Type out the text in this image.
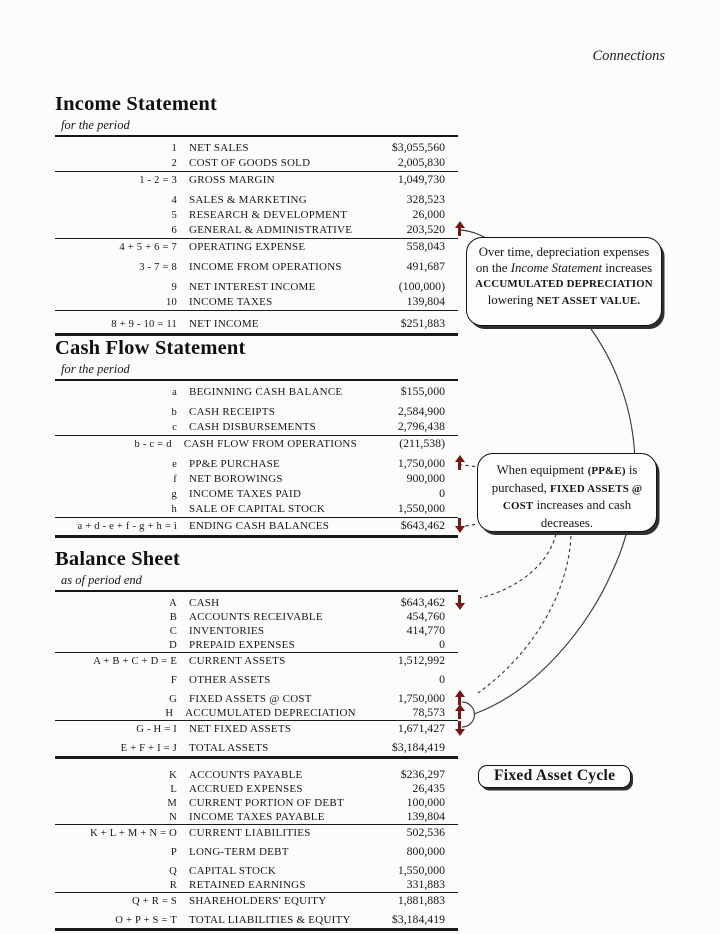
Connections
Income Statement
for the period
1	NET SALES	$3,055,560
2	COST OF GOODS SOLD	2,005,830
1 - 2 = 3	GROSS MARGIN	1,049,730
4	SALES & MARKETING	328,523
5	RESEARCH & DEVELOPMENT	26,000
6	GENERAL & ADMINISTRATIVE	203,520
4 + 5 + 6 = 7	OPERATING EXPENSE	558,043
3 - 7 = 8	INCOME FROM OPERATIONS	491,687
9	NET INTEREST INCOME	(100,000)
10	INCOME TAXES	139,804
8 + 9 - 10 = 11	NET INCOME	$251,883
Cash Flow Statement
for the period
a	BEGINNING CASH BALANCE	$155,000
b	CASH RECEIPTS	2,584,900
c	CASH DISBURSEMENTS	2,796,438
b - c = d	CASH FLOW FROM OPERATIONS	(211,538)
e	PP&E PURCHASE	1,750,000
f	NET BOROWINGS	900,000
g	INCOME TAXES PAID	0
h	SALE OF CAPITAL STOCK	1,550,000
a + d - e + f - g + h = i	ENDING CASH BALANCES	$643,462
Balance Sheet
as of period end
A	CASH	$643,462
B	ACCOUNTS RECEIVABLE	454,760
C	INVENTORIES	414,770
D	PREPAID EXPENSES	0
A + B + C + D = E	CURRENT ASSETS	1,512,992
F	OTHER ASSETS	0
G	FIXED ASSETS @ COST	1,750,000
H	ACCUMULATED DEPRECIATION	78,573
G - H = I	NET FIXED ASSETS	1,671,427
E + F + I = J	TOTAL ASSETS	$3,184,419
K	ACCOUNTS PAYABLE	$236,297
L	ACCRUED EXPENSES	26,435
M	CURRENT PORTION OF DEBT	100,000
N	INCOME TAXES PAYABLE	139,804
K + L + M + N = O	CURRENT LIABILITIES	502,536
P	LONG-TERM DEBT	800,000
Q	CAPITAL STOCK	1,550,000
R	RETAINED EARNINGS	331,883
Q + R = S	SHAREHOLDERS' EQUITY	1,881,883
O + P + S = T	TOTAL LIABILITIES & EQUITY	$3,184,419
Over time, depreciation expenses on the Income Statement increases ACCUMULATED DEPRECIATION lowering NET ASSET VALUE.
When equipment (PP&E) is purchased, FIXED ASSETS @ COST increases and cash decreases.
Fixed Asset Cycle
